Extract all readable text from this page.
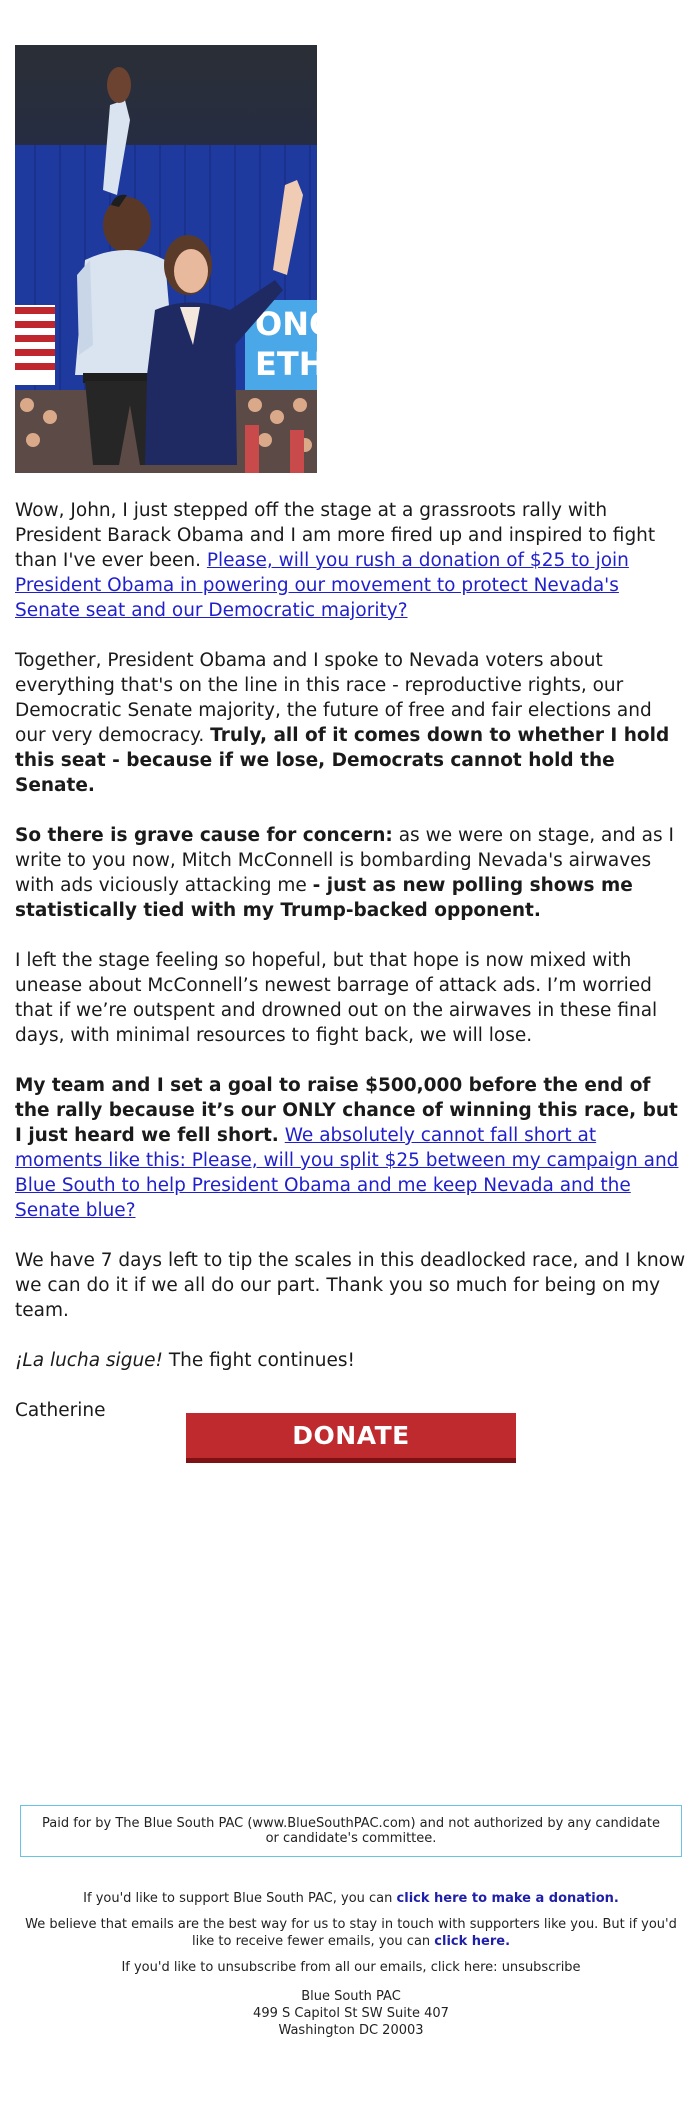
ONG
ETH

Wow, John, I just stepped off the stage at a grassroots rally with President Barack Obama and I am more fired up and inspired to fight than I've ever been. Please, will you rush a donation of $25 to join President Obama in powering our movement to protect Nevada's Senate seat and our Democratic majority?

Together, President Obama and I spoke to Nevada voters about everything that's on the line in this race - reproductive rights, our Democratic Senate majority, the future of free and fair elections and our very democracy. Truly, all of it comes down to whether I hold this seat - because if we lose, Democrats cannot hold the Senate.

So there is grave cause for concern: as we were on stage, and as I write to you now, Mitch McConnell is bombarding Nevada's airwaves with ads viciously attacking me - just as new polling shows me statistically tied with my Trump-backed opponent.

I left the stage feeling so hopeful, but that hope is now mixed with unease about McConnell’s newest barrage of attack ads. I’m worried that if we’re outspent and drowned out on the airwaves in these final days, with minimal resources to fight back, we will lose.

My team and I set a goal to raise $500,000 before the end of the rally because it’s our ONLY chance of winning this race, but I just heard we fell short. We absolutely cannot fall short at moments like this: Please, will you split $25 between my campaign and Blue South to help President Obama and me keep Nevada and the Senate blue?

We have 7 days left to tip the scales in this deadlocked race, and I know we can do it if we all do our part. Thank you so much for being on my team.

¡La lucha sigue! The fight continues!

Catherine

DONATE
Paid for by The Blue South PAC (www.BlueSouthPAC.com) and not authorized by any candidate or candidate's committee.

If you'd like to support Blue South PAC, you can click here to make a donation.

We believe that emails are the best way for us to stay in touch with supporters like you. But if you'd like to receive fewer emails, you can click here.

If you'd like to unsubscribe from all our emails, click here: unsubscribe

Blue South PAC
499 S Capitol St SW Suite 407
Washington DC 20003
